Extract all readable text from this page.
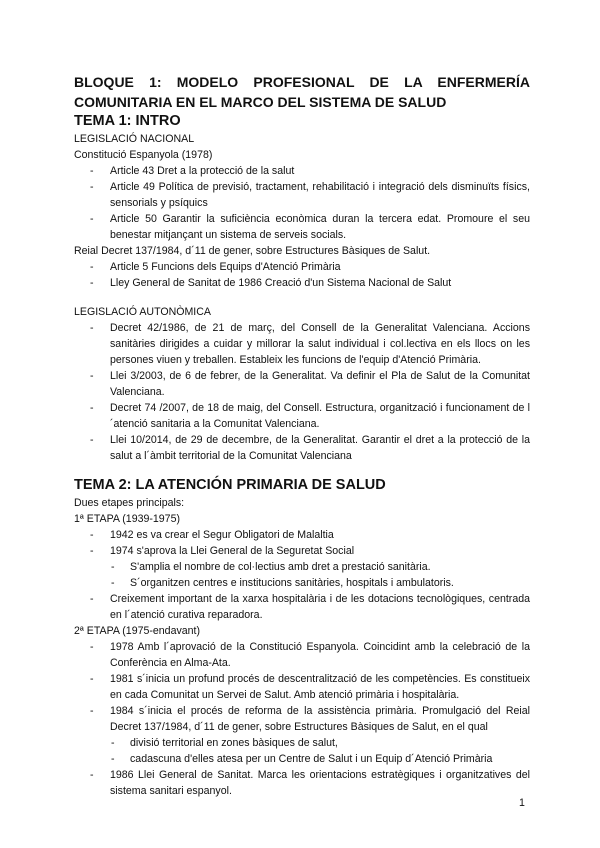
BLOQUE 1: MODELO PROFESIONAL DE LA ENFERMERÍA COMUNITARIA EN EL MARCO DEL SISTEMA DE SALUD

TEMA 1: INTRO

LEGISLACIÓ NACIONAL

Constitució Espanyola (1978)

- Article 43 Dret a la protecció de la salut
- Article 49 Política de previsió, tractament, rehabilitació i integració dels disminuïts físics, sensorials y psíquics
- Article 50 Garantir la suficiència econòmica duran la tercera edat. Promoure el seu benestar mitjançant un sistema de serveis socials.

Reial Decret 137/1984, d´11 de gener, sobre Estructures Bàsiques de Salut.

- Article 5 Funcions dels Equips d'Atenció Primària
- Lley General de Sanitat de 1986 Creació d'un Sistema Nacional de Salut

LEGISLACIÓ AUTONÒMICA

- Decret 42/1986, de 21 de març, del Consell de la Generalitat Valenciana. Accions sanitàries dirigides a cuidar y millorar la salut individual i col.lectiva en els llocs on les persones viuen y treballen. Estableix les funcions de l'equip d'Atenció Primària.
- Llei 3/2003, de 6 de febrer, de la Generalitat. Va definir el Pla de Salut de la Comunitat Valenciana.
- Decret 74 /2007, de 18 de maig, del Consell. Estructura, organització i funcionament de l´atenció sanitaria a la Comunitat Valenciana.
- Llei 10/2014, de 29 de decembre, de la Generalitat. Garantir el dret a la protecció de la salut a l´àmbit territorial de la Comunitat Valenciana

TEMA 2: LA ATENCIÓN PRIMARIA DE SALUD

Dues etapes principals:

1ª ETAPA (1939-1975)

- 1942 es va crear el Segur Obligatori de Malaltia
- 1974 s'aprova la Llei General de la Seguretat Social
- S'amplia el nombre de col·lectius amb dret a prestació sanitària.
- S´organitzen centres e institucions sanitàries, hospitals i ambulatoris.
- Creixement important de la xarxa hospitalària i de les dotacions tecnològiques, centrada en l´atenció curativa reparadora.

2ª ETAPA (1975-endavant)

- 1978 Amb l´aprovació de la Constitució Espanyola. Coincidint amb la celebració de la Conferència en Alma-Ata.
- 1981 s´inicia un profund procés de descentralització de les competències. Es constitueix en cada Comunitat un Servei de Salut. Amb atenció primària i hospitalària.
- 1984 s´inicia el procés de reforma de la assistència primària. Promulgació del Reial Decret 137/1984, d´11 de gener, sobre Estructures Bàsiques de Salut, en el qual
- divisió territorial en zones bàsiques de salut,
- cadascuna d'elles atesa per un Centre de Salut i un Equip d´Atenció Primària
- 1986 Llei General de Sanitat. Marca les orientacions estratègiques i organitzatives del sistema sanitari espanyol.
1
